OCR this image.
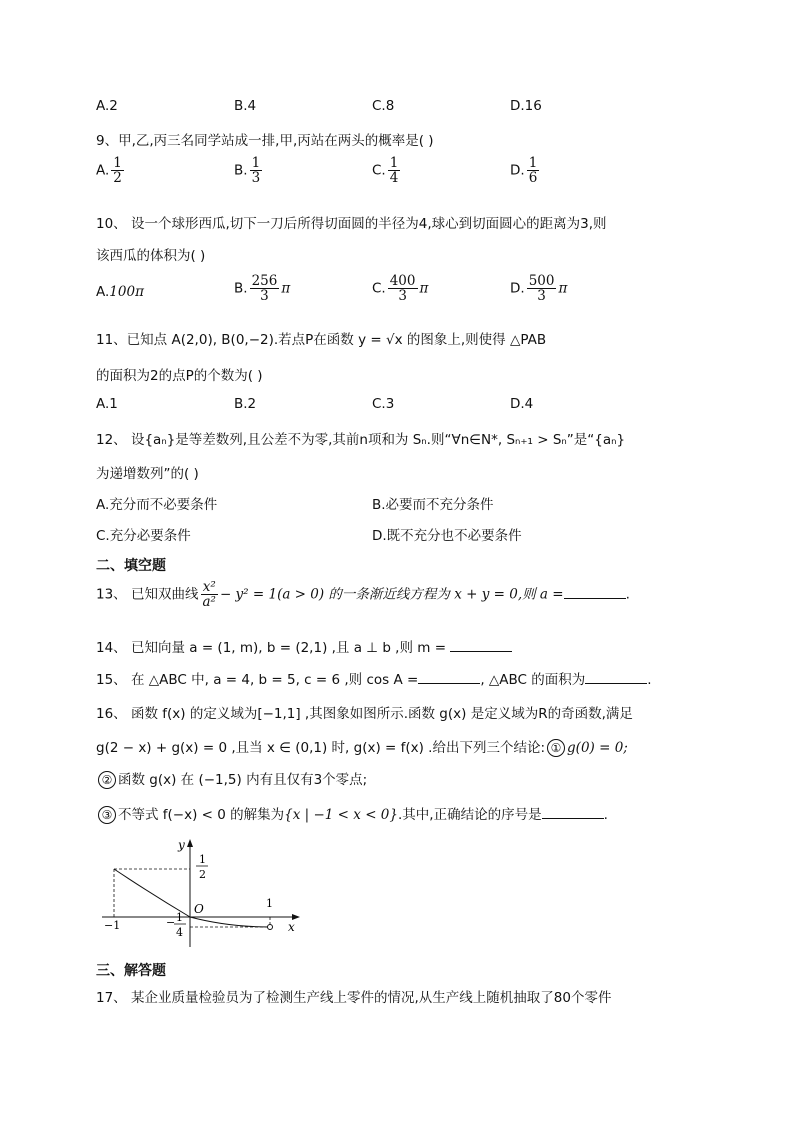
A.2	B.4	C.8	D.16
9、甲,乙,丙三名同学站成一排,甲,丙站在两头的概率是( )
A. $\frac{1}{2}$	B. $\frac{1}{3}$	C. $\frac{1}{4}$	D. $\frac{1}{6}$
10、 设一个球形西瓜,切下一刀后所得切面圆的半径为4,球心到切面圆心的距离为3,则
该西瓜的体积为( )
A.100π	B. $\frac{256}{3}$ π	C. $\frac{400}{3}$ π	D. $\frac{500}{3}$ π
11、已知点 A(2,0), B(0,−2).若点P在函数 y = √x 的图象上,则使得 △PAB
的面积为2的点P的个数为( )
A.1	B.2	C.3	D.4
12、 设{aₙ}是等差数列,且公差不为零,其前n项和为 Sₙ.则“∀n∈N*, Sₙ₊₁ > Sₙ”是“{aₙ}
为递增数列”的( )
A.充分而不必要条件	B.必要而不充分条件
C.充分必要条件	D.既不充分也不必要条件
二、填空题
13、 已知双曲线 $\frac{\text{x²}}{\text{a²}} - y^2 = 1(a > 0)$ 的一条渐近线方程为 x + y = 0,则 a =	.
14、 已知向量 a = (1, m), b = (2,1) ,且 a ⊥ b ,则 m =
15、 在 △ABC 中, a = 4, b = 5, c = 6 ,则 cos A =	, △ABC 的面积为	.
16、 函数 f(x) 的定义域为[−1,1] ,其图象如图所示.函数 g(x) 是定义域为R的奇函数,满足
g(2 − x) + g(x) = 0 ,且当 x ∈ (0,1) 时, g(x) = f(x) .给出下列三个结论: ① g(0) = 0;
② 函数 g(x) 在 (−1,5) 内有且仅有3个零点;
③ 不等式 f(−x) < 0 的解集为{x | −1 < x < 0}.其中,正确结论的序号是	.
y
x
O
1
2
− 1
4
−1
1
三、解答题
17、 某企业质量检验员为了检测生产线上零件的情况,从生产线上随机抽取了80个零件
